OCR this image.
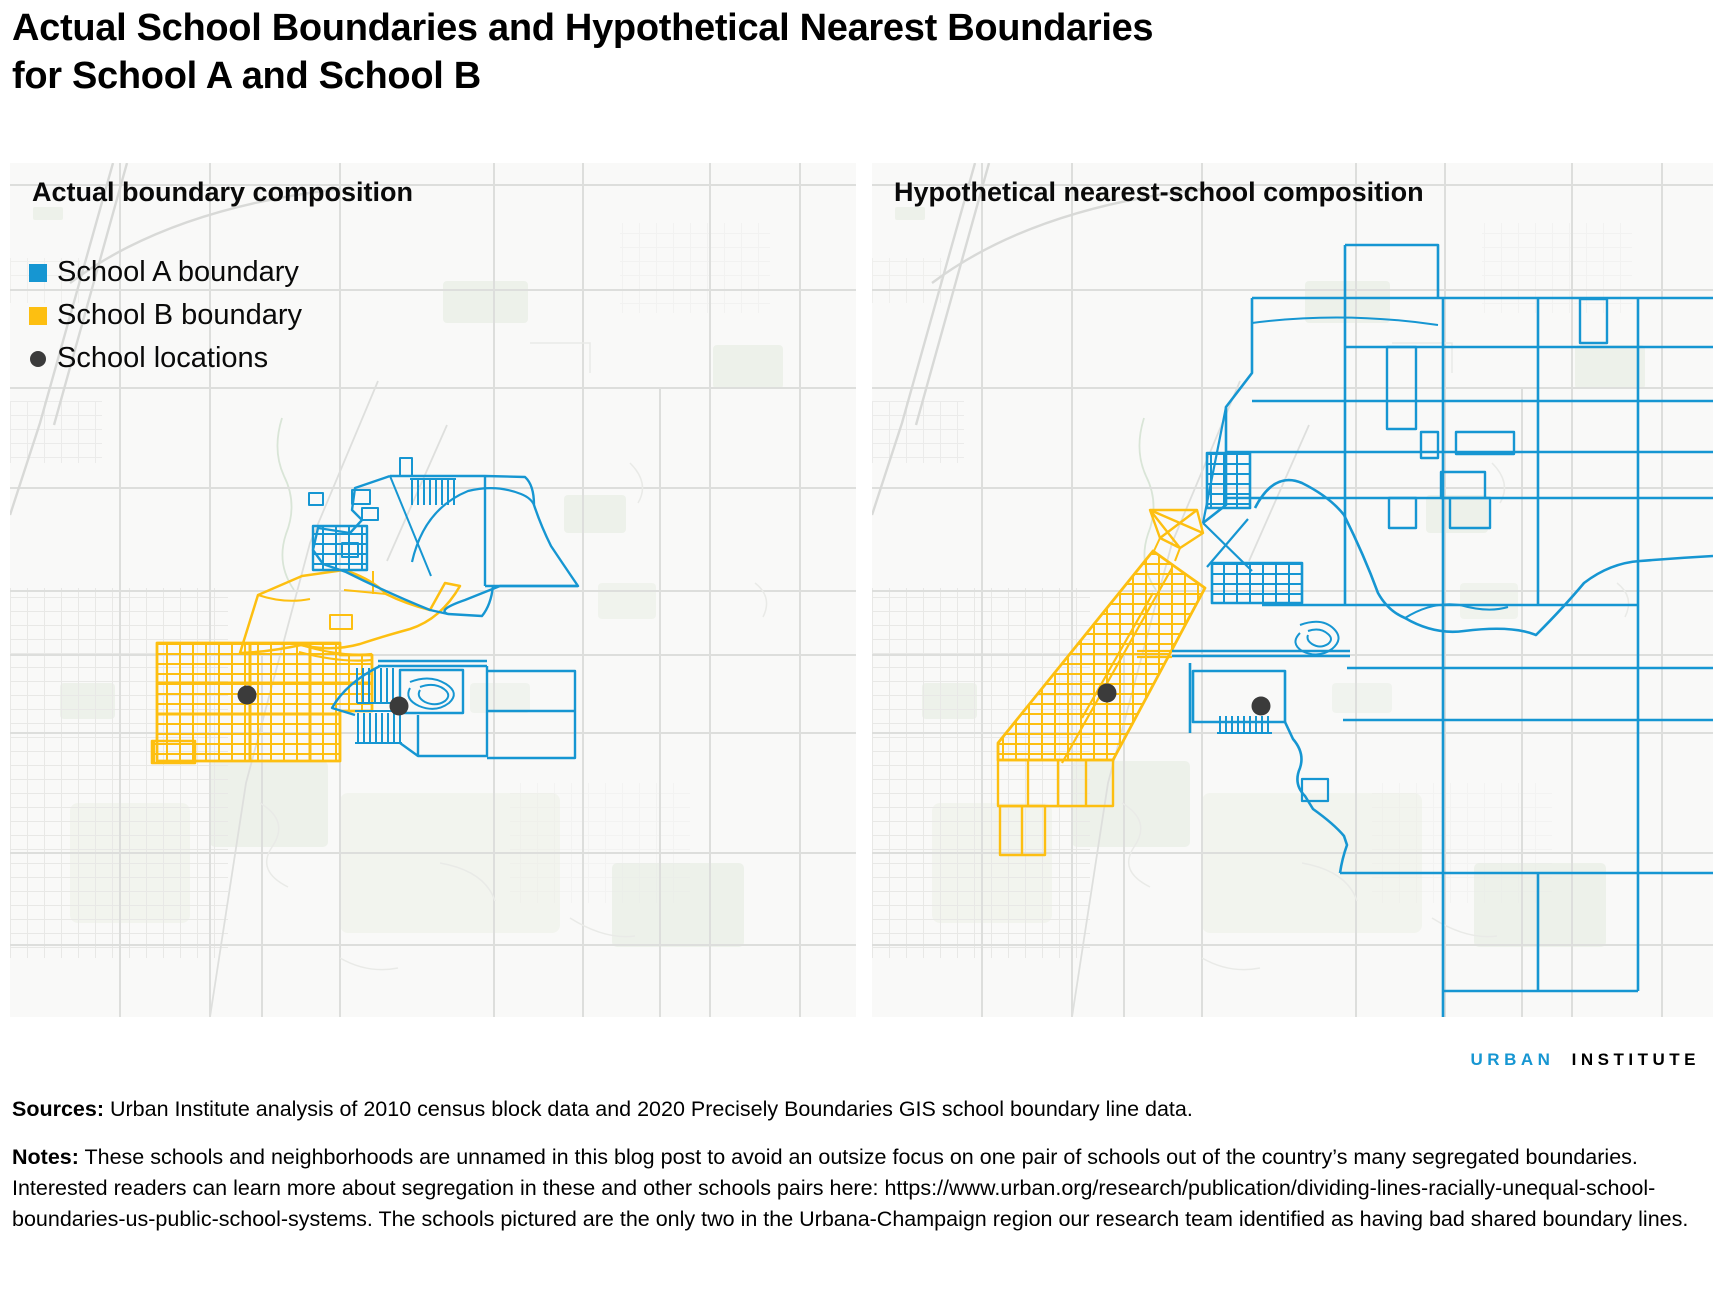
Actual School Boundaries and Hypothetical Nearest Boundaries
for School A and School B
Actual boundary composition
School A boundary
School B boundary
School locations
Hypothetical nearest-school composition
URBAN INSTITUTE
Sources: Urban Institute analysis of 2010 census block data and 2020 Precisely Boundaries GIS school boundary line data.
Notes: These schools and neighborhoods are unnamed in this blog post to avoid an outsize focus on one pair of schools out of the country’s many segregated boundaries. Interested readers can learn more about segregation in these and other schools pairs here: https://www.urban.org/research/publication/dividing-lines-racially-unequal-school-boundaries-us-public-school-systems. The schools pictured are the only two in the Urbana-Champaign region our research team identified as having bad shared boundary lines.
